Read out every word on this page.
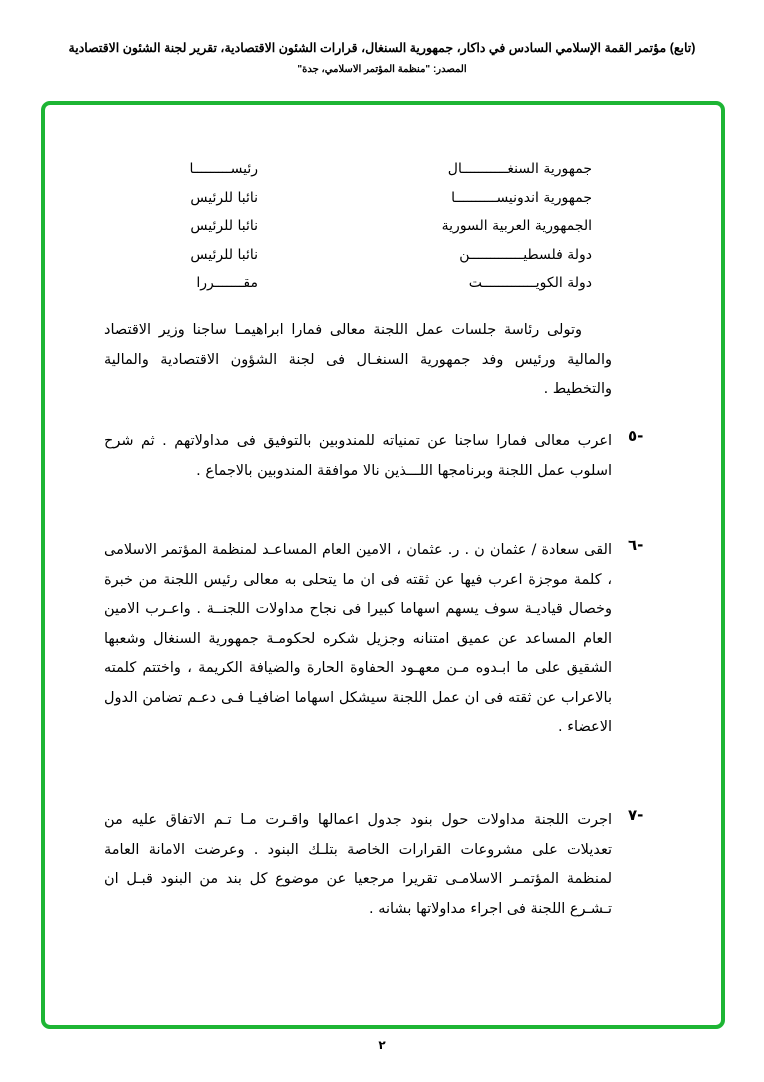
(تابع) مؤتمر القمة الإسلامي السادس في داكار، جمهورية السنغال، قرارات الشئون الاقتصادية، تقرير لجنة الشئون الاقتصادية
المصدر: "منظمة المؤتمر الاسلامي، جدة"
جمهورية السنغـــــــــــال
رئيســـــــــا
جمهورية اندونيســــــــــا
نائبا للرئيس
الجمهورية العربية السورية
نائبا للرئيس
دولة فلسطيـــــــــــــن
نائبا للرئيس
دولة الكويـــــــــــــت
مقـــــــررا
وتولى رئاسة جلسات عمل اللجنة معالى فمارا ابراهيمـا ساجنا وزير الاقتصاد والمالية ورئيس وفد جمهورية السنغـال فى لجنة الشؤون الاقتصادية والمالية والتخطيط .
-٥
اعرب معالى فمارا ساجنا عن تمنياته للمندوبين بالتوفيق فى مداولاتهم . ثم شرح اسلوب عمل اللجنة وبرنامجها اللـــذين نالا موافقة المندوبين بالاجماع .
-٦
القى سعادة / عثمان ن . ر. عثمان ، الامين العام المساعـد لمنظمة المؤتمر الاسلامى ، كلمة موجزة اعرب فيها عن ثقته فى ان ما يتحلى به معالى رئيس اللجنة من خبرة وخصال قياديـة سوف يسهم اسهاما كبيرا فى نجاح مداولات اللجنــة . واعـرب الامين العام المساعد عن عميق امتنانه وجزيل شكره لحكومـة جمهورية السنغال وشعبها الشقيق على ما ابـدوه مـن معهـود الحفاوة الحارة والضيافة الكريمة ، واختتم كلمته بالاعراب عن ثقته فى ان عمل اللجنة سيشكل اسهاما اضافيـا فـى دعـم تضامن الدول الاعضاء .
-٧
اجرت اللجنة مداولات حول بنود جدول اعمالها واقـرت مـا تـم الاتفاق عليه من تعديلات على مشروعات القرارات الخاصة بتلـك البنود . وعرضت الامانة العامة لمنظمة المؤتمـر الاسلامـى تقريرا مرجعيا عن موضوع كل بند من البنود قبـل ان تـشـرع اللجنة فى اجراء مداولاتها بشانه .
٢
